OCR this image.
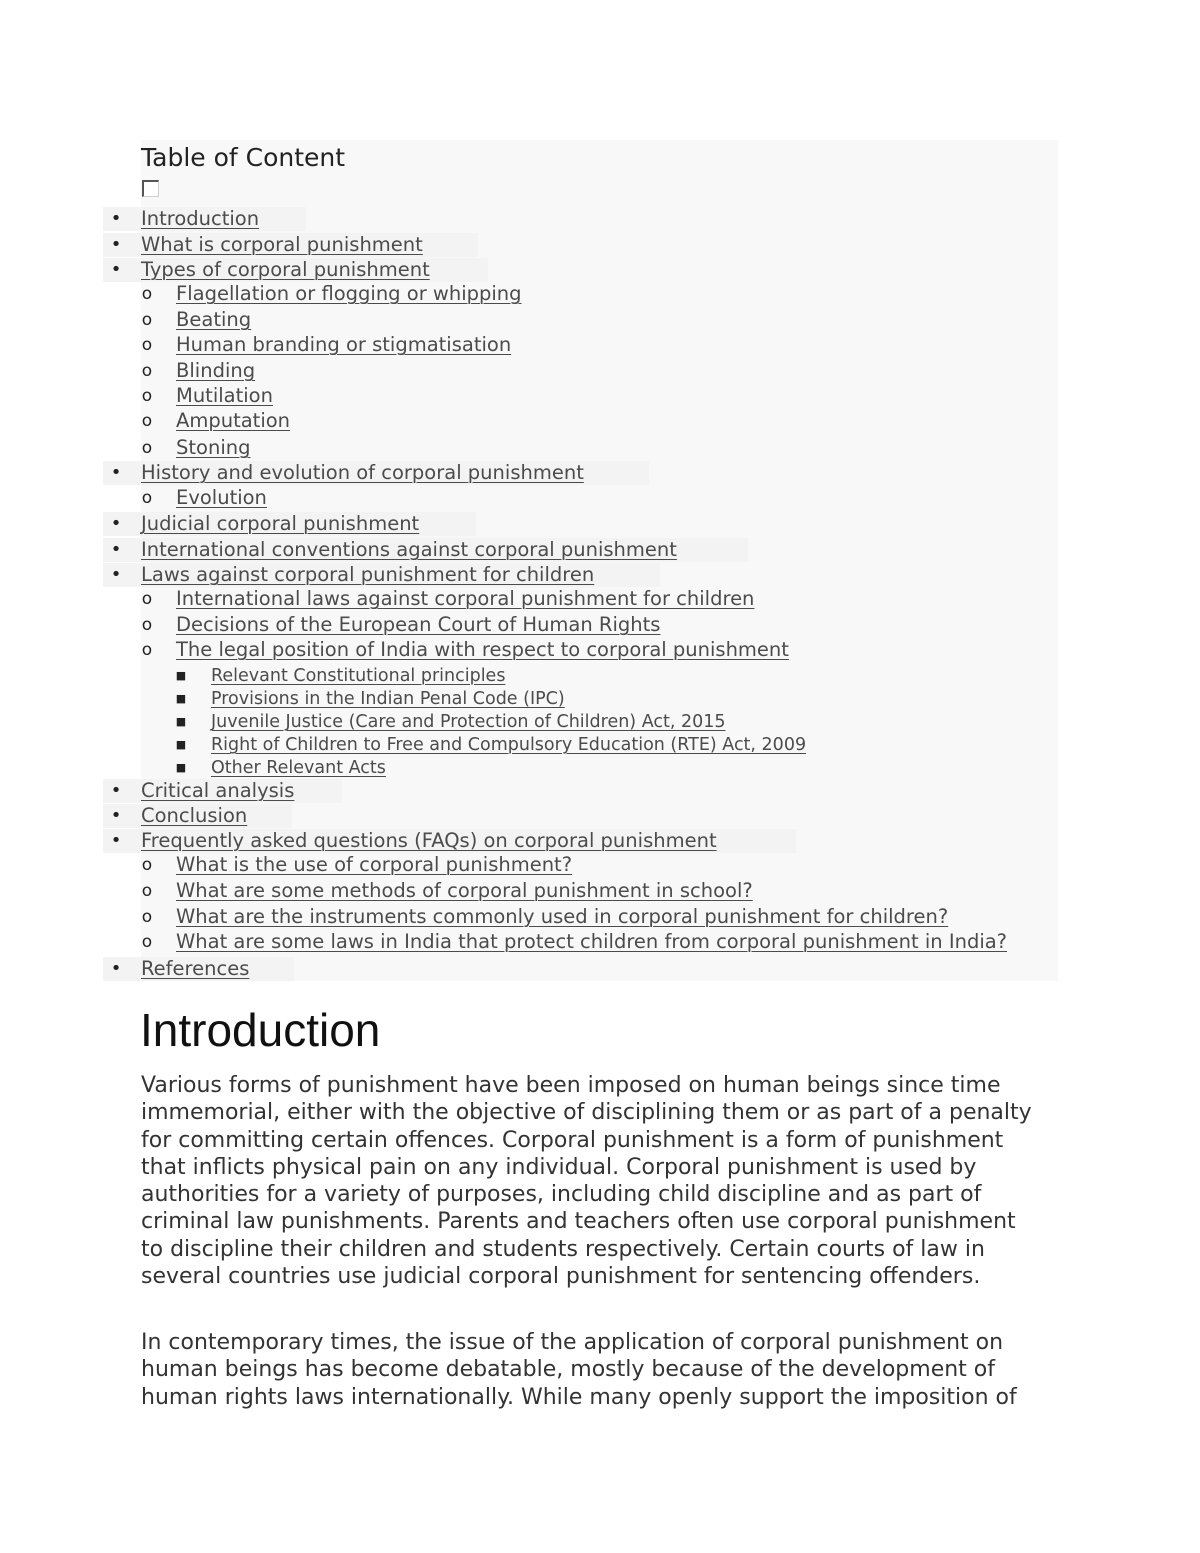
Table of Content
•	Introduction
•	What is corporal punishment
•	Types of corporal punishment
o	Flagellation or flogging or whipping
o	Beating
o	Human branding or stigmatisation
o	Blinding
o	Mutilation
o	Amputation
o	Stoning
•	History and evolution of corporal punishment
o	Evolution
•	Judicial corporal punishment
•	International conventions against corporal punishment
•	Laws against corporal punishment for children
o	International laws against corporal punishment for children
o	Decisions of the European Court of Human Rights
o	The legal position of India with respect to corporal punishment
■	Relevant Constitutional principles
■	Provisions in the Indian Penal Code (IPC)
■	Juvenile Justice (Care and Protection of Children) Act, 2015
■	Right of Children to Free and Compulsory Education (RTE) Act, 2009
■	Other Relevant Acts
•	Critical analysis
•	Conclusion
•	Frequently asked questions (FAQs) on corporal punishment
o	What is the use of corporal punishment?
o	What are some methods of corporal punishment in school?
o	What are the instruments commonly used in corporal punishment for children?
o	What are some laws in India that protect children from corporal punishment in India?
•	References
Introduction

Various forms of punishment have been imposed on human beings since time
immemorial, either with the objective of disciplining them or as part of a penalty
for committing certain offences. Corporal punishment is a form of punishment
that inflicts physical pain on any individual. Corporal punishment is used by
authorities for a variety of purposes, including child discipline and as part of
criminal law punishments. Parents and teachers often use corporal punishment
to discipline their children and students respectively. Certain courts of law in
several countries use judicial corporal punishment for sentencing offenders.

In contemporary times, the issue of the application of corporal punishment on
human beings has become debatable, mostly because of the development of
human rights laws internationally. While many openly support the imposition of
